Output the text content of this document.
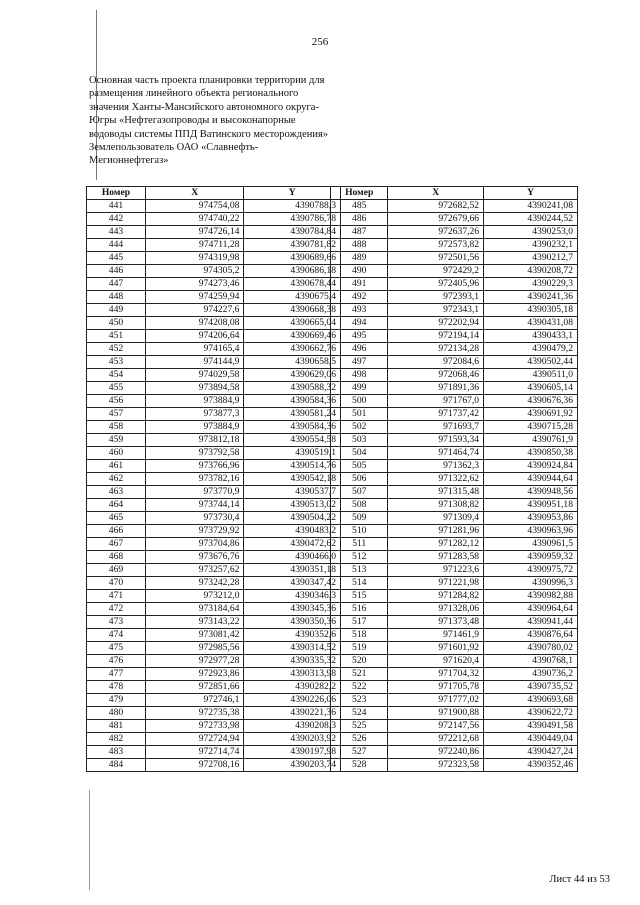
256
Основная часть проекта планировки территории для
размещения линейного объекта регионального
значения Ханты-Мансийского автономного округа-
Югры «Нефтегазопроводы и высоконапорные
водоводы системы ППД Ватинского месторождения»
Землепользователь ОАО «Славнефть-
Мегионнефтегаз»
Номер	X	Y
441	974754,08	4390788,3
442	974740,22	4390786,78
443	974726,14	4390784,84
444	974711,28	4390781,82
445	974319,98	4390689,66
446	974305,2	4390686,18
447	974273,46	4390678,44
448	974259,94	4390675,4
449	974227,6	4390668,38
450	974208,08	4390665,04
451	974206,64	4390669,46
452	974165,4	4390662,76
453	974144,9	4390658,5
454	974029,58	4390629,06
455	973894,58	4390588,32
456	973884,9	4390584,36
457	973877,3	4390581,24
458	973884,9	4390584,36
459	973812,18	4390554,58
460	973792,58	4390519,1
461	973766,96	4390514,76
462	973782,16	4390542,18
463	973770,9	4390537,7
464	973744,14	4390513,02
465	973730,4	4390504,22
466	973729,92	4390483,2
467	973704,86	4390472,62
468	973676,76	4390466,0
469	973257,62	4390351,18
470	973242,28	4390347,42
471	973212,0	4390346,3
472	973184,64	4390345,36
473	973143,22	4390350,36
474	973081,42	4390352,6
475	972985,56	4390314,52
476	972977,28	4390335,32
477	972923,86	4390313,98
478	972851,66	4390282,2
479	972746,1	4390226,06
480	972735,38	4390221,36
481	972733,98	4390208,3
482	972724,94	4390203,92
483	972714,74	4390197,98
484	972708,16	4390203,74
Номер	X	Y
485	972682,52	4390241,08
486	972679,66	4390244,52
487	972637,26	4390253,0
488	972573,82	4390232,1
489	972501,56	4390212,7
490	972429,2	4390208,72
491	972405,96	4390229,3
492	972393,1	4390241,36
493	972343,1	4390305,18
494	972202,94	4390431,08
495	972194,14	4390433,1
496	972134,28	4390479,2
497	972084,6	4390502,44
498	972068,46	4390511,0
499	971891,36	4390605,14
500	971767,0	4390676,36
501	971737,42	4390691,92
502	971693,7	4390715,28
503	971593,34	4390761,9
504	971464,74	4390850,38
505	971362,3	4390924,84
506	971322,62	4390944,64
507	971315,48	4390948,56
508	971308,82	4390951,18
509	971309,4	4390953,86
510	971281,96	4390963,96
511	971282,12	4390961,5
512	971283,58	4390959,32
513	971223,6	4390975,72
514	971221,98	4390996,3
515	971284,82	4390982,88
516	971328,06	4390964,64
517	971373,48	4390941,44
518	971461,9	4390876,64
519	971601,92	4390780,02
520	971620,4	4390768,1
521	971704,32	4390736,2
522	971705,78	4390735,52
523	971777,02	4390693,68
524	971900,88	4390622,72
525	972147,56	4390491,58
526	972212,68	4390449,04
527	972240,86	4390427,24
528	972323,58	4390352,46
Лист 44 из 53
